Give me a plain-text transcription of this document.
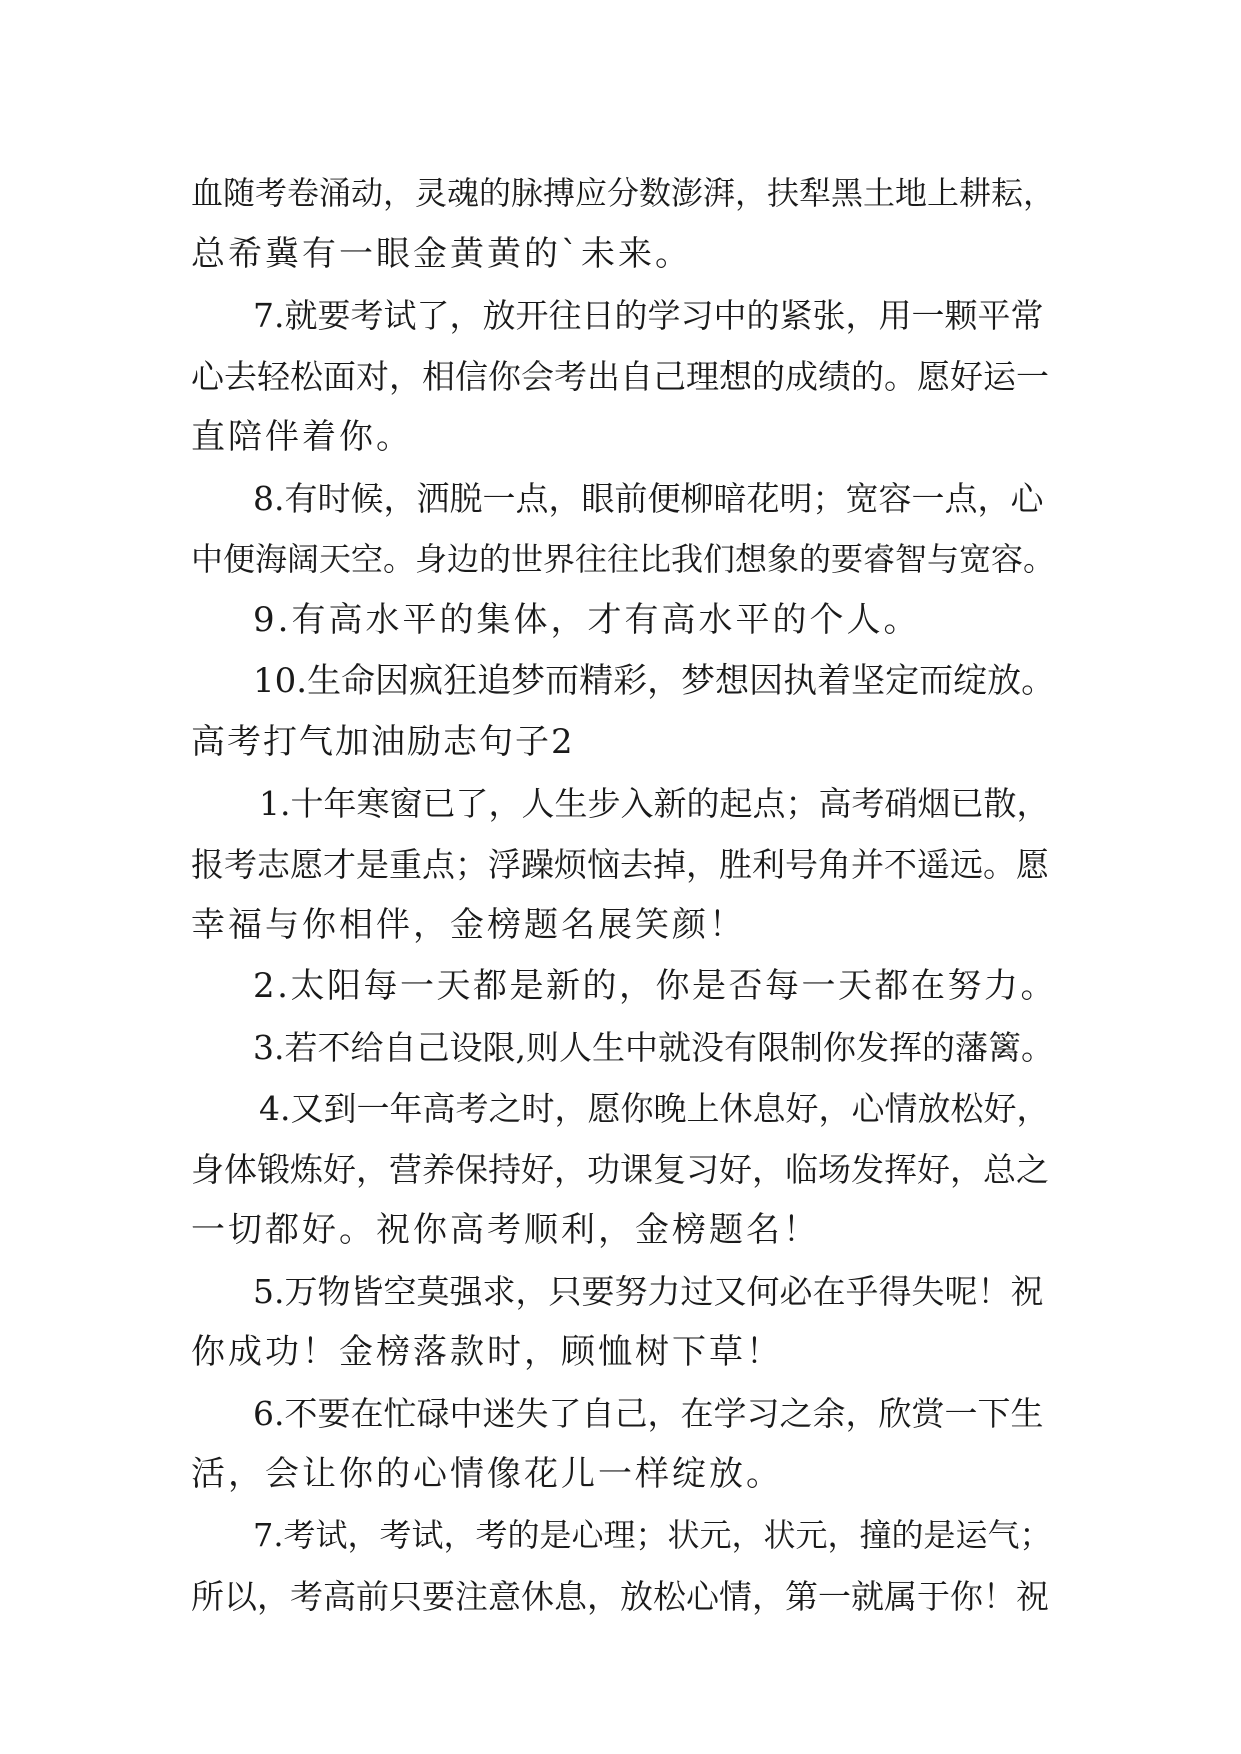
血随考卷涌动，灵魂的脉搏应分数澎湃，扶犁黑土地上耕耘，
总希冀有一眼金黄黄的`未来。
7.就要考试了，放开往日的学习中的紧张，用一颗平常
心去轻松面对，相信你会考出自己理想的成绩的。愿好运一
直陪伴着你。
8.有时候，洒脱一点，眼前便柳暗花明；宽容一点，心
中便海阔天空。身边的世界往往比我们想象的要睿智与宽容。
9.有高水平的集体，才有高水平的个人。
10.生命因疯狂追梦而精彩，梦想因执着坚定而绽放。
高考打气加油励志句子2
1.十年寒窗已了，人生步入新的起点；高考硝烟已散，
报考志愿才是重点；浮躁烦恼去掉，胜利号角并不遥远。愿
幸福与你相伴，金榜题名展笑颜！
2.太阳每一天都是新的，你是否每一天都在努力。
3.若不给自己设限,则人生中就没有限制你发挥的藩篱。
4.又到一年高考之时，愿你晚上休息好，心情放松好，
身体锻炼好，营养保持好，功课复习好，临场发挥好，总之
一切都好。祝你高考顺利，金榜题名！
5.万物皆空莫强求，只要努力过又何必在乎得失呢！祝
你成功！金榜落款时，顾恤树下草！
6.不要在忙碌中迷失了自己，在学习之余，欣赏一下生
活，会让你的心情像花儿一样绽放。
7.考试，考试，考的是心理；状元，状元，撞的是运气；
所以，考高前只要注意休息，放松心情，第一就属于你！祝
